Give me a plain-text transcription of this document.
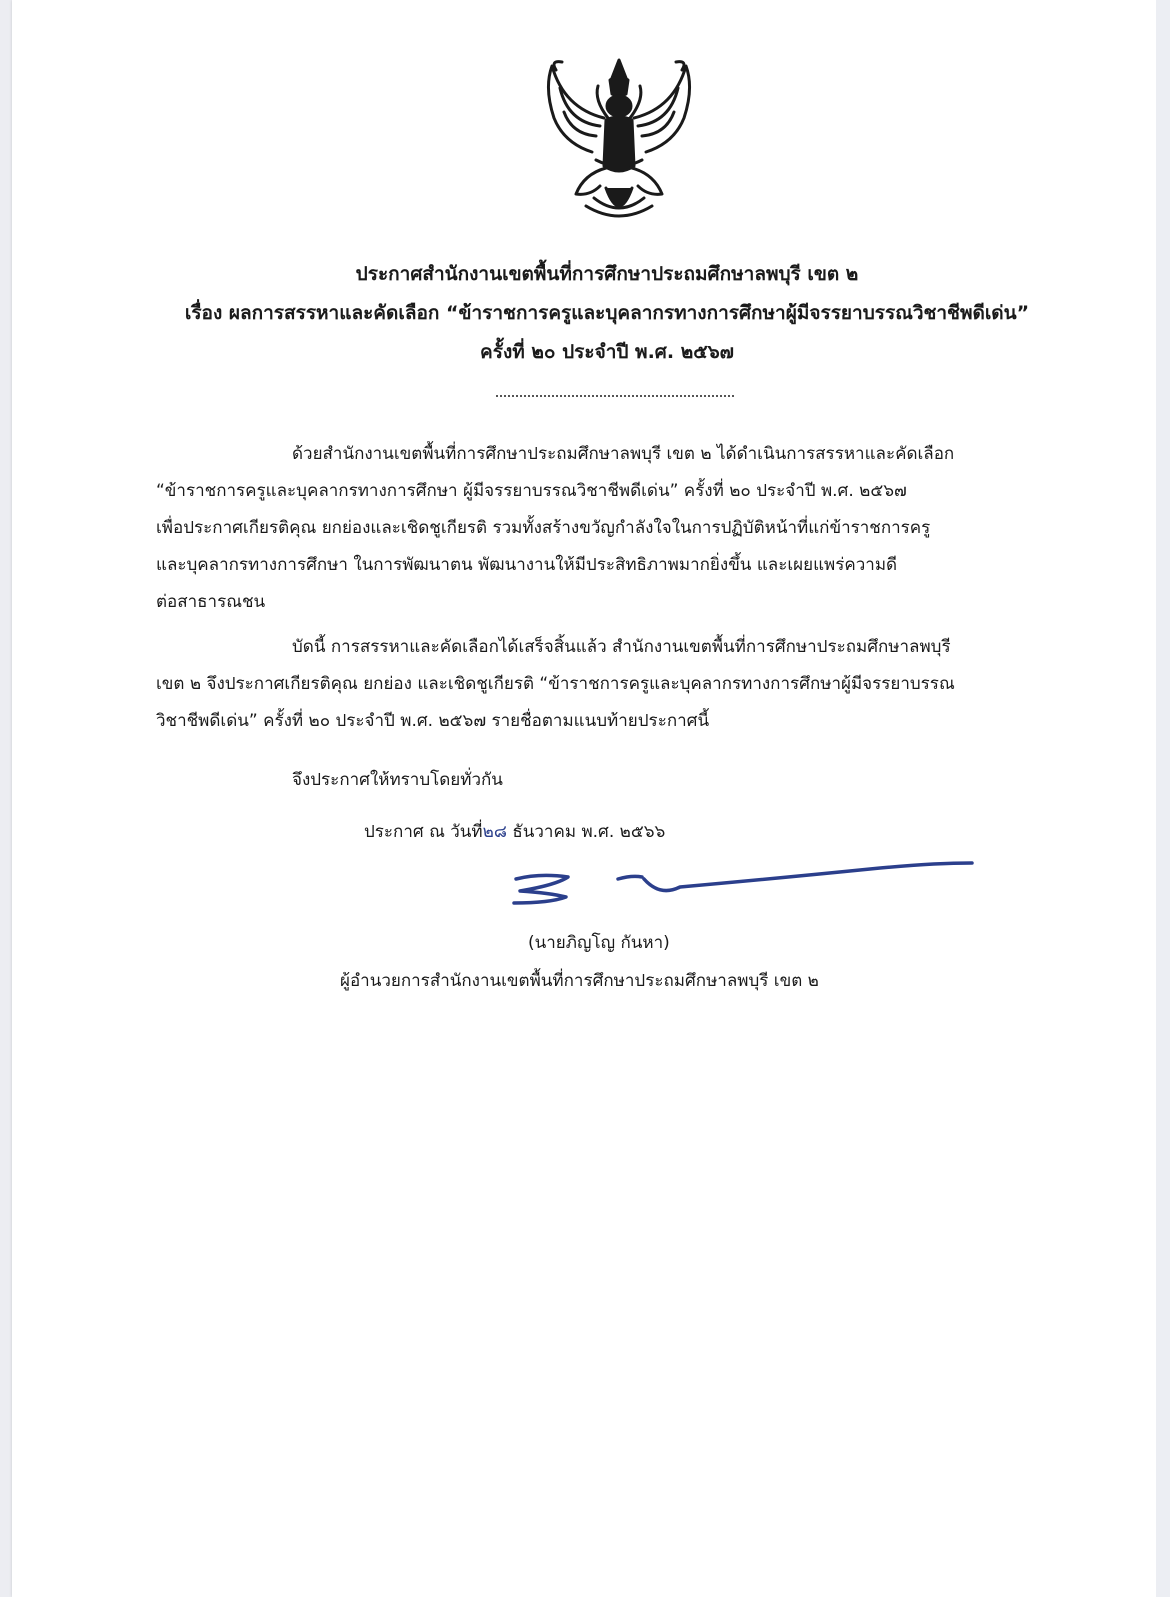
ประกาศสำนักงานเขตพื้นที่การศึกษาประถมศึกษาลพบุรี เขต ๒
เรื่อง ผลการสรรหาและคัดเลือก “ข้าราชการครูและบุคลากรทางการศึกษาผู้มีจรรยาบรรณวิชาชีพดีเด่น”
ครั้งที่ ๒๐ ประจำปี พ.ศ. ๒๕๖๗
ด้วยสำนักงานเขตพื้นที่การศึกษาประถมศึกษาลพบุรี เขต ๒ ได้ดำเนินการสรรหาและคัดเลือก
“ข้าราชการครูและบุคลากรทางการศึกษา ผู้มีจรรยาบรรณวิชาชีพดีเด่น” ครั้งที่ ๒๐ ประจำปี พ.ศ. ๒๕๖๗
เพื่อประกาศเกียรติคุณ ยกย่องและเชิดชูเกียรติ รวมทั้งสร้างขวัญกำลังใจในการปฏิบัติหน้าที่แก่ข้าราชการครู
และบุคลากรทางการศึกษา ในการพัฒนาตน พัฒนางานให้มีประสิทธิภาพมากยิ่งขึ้น และเผยแพร่ความดี
ต่อสาธารณชน
บัดนี้ การสรรหาและคัดเลือกได้เสร็จสิ้นแล้ว สำนักงานเขตพื้นที่การศึกษาประถมศึกษาลพบุรี
เขต ๒ จึงประกาศเกียรติคุณ ยกย่อง และเชิดชูเกียรติ “ข้าราชการครูและบุคลากรทางการศึกษาผู้มีจรรยาบรรณ
วิชาชีพดีเด่น” ครั้งที่ ๒๐ ประจำปี พ.ศ. ๒๕๖๗ รายชื่อตามแนบท้ายประกาศนี้
จึงประกาศให้ทราบโดยทั่วกัน
ประกาศ ณ วันที่๒๘ ธันวาคม พ.ศ. ๒๕๖๖
(นายภิญโญ กันหา)
ผู้อำนวยการสำนักงานเขตพื้นที่การศึกษาประถมศึกษาลพบุรี เขต ๒
